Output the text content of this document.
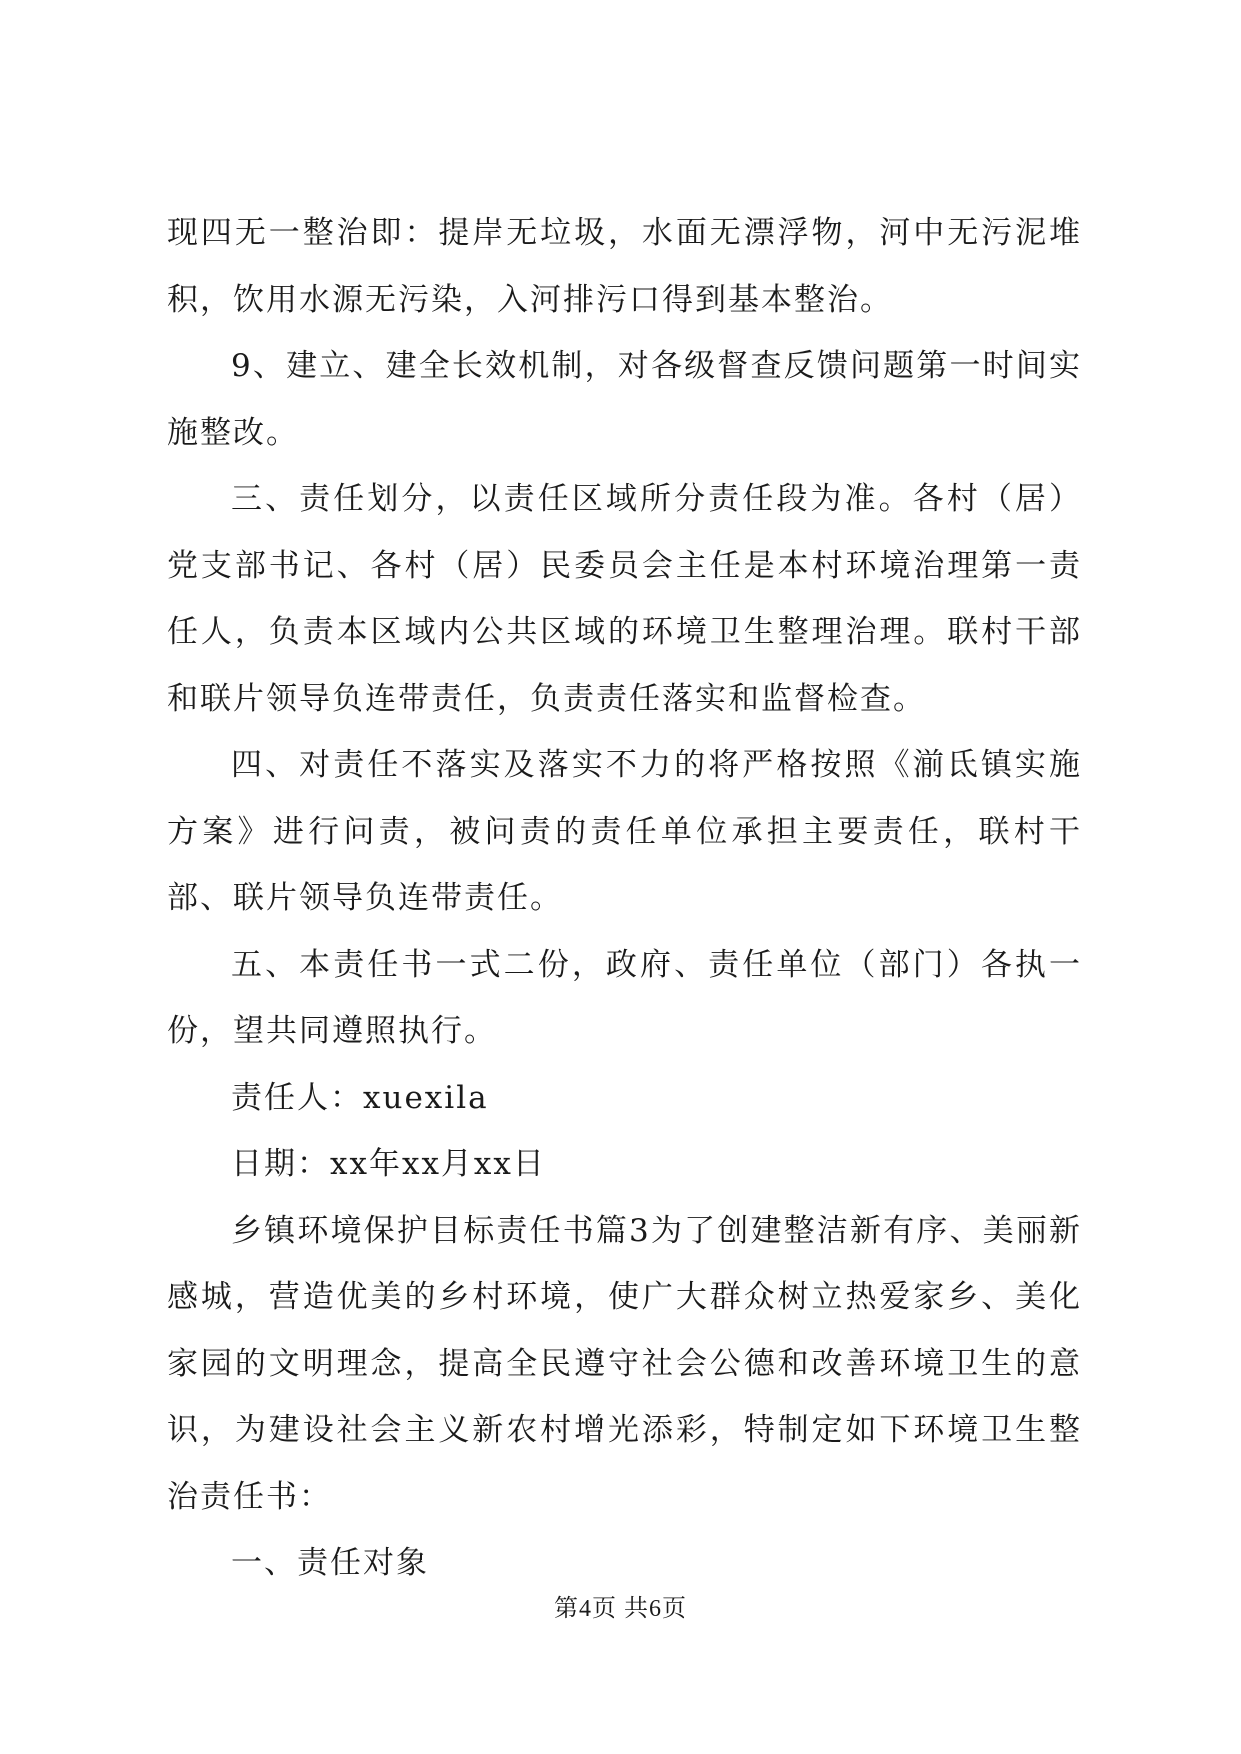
现四无一整治即：提岸无垃圾，水面无漂浮物，河中无污泥堆积，饮用水源无污染，入河排污口得到基本整治。

9、建立、建全长效机制，对各级督查反馈问题第一时间实施整改。

三、责任划分，以责任区域所分责任段为准。各村（居）党支部书记、各村（居）民委员会主任是本村环境治理第一责任人，负责本区域内公共区域的环境卫生整理治理。联村干部和联片领导负连带责任，负责责任落实和监督检查。

四、对责任不落实及落实不力的将严格按照《湔氐镇实施方案》进行问责，被问责的责任单位承担主要责任，联村干部、联片领导负连带责任。

五、本责任书一式二份，政府、责任单位（部门）各执一份，望共同遵照执行。

责任人：xuexila

日期：xx年xx月xx日

乡镇环境保护目标责任书篇3为了创建整洁新有序、美丽新感城，营造优美的乡村环境，使广大群众树立热爱家乡、美化家园的文明理念，提高全民遵守社会公德和改善环境卫生的意识，为建设社会主义新农村增光添彩，特制定如下环境卫生整治责任书：

一、责任对象

第4页 共6页
